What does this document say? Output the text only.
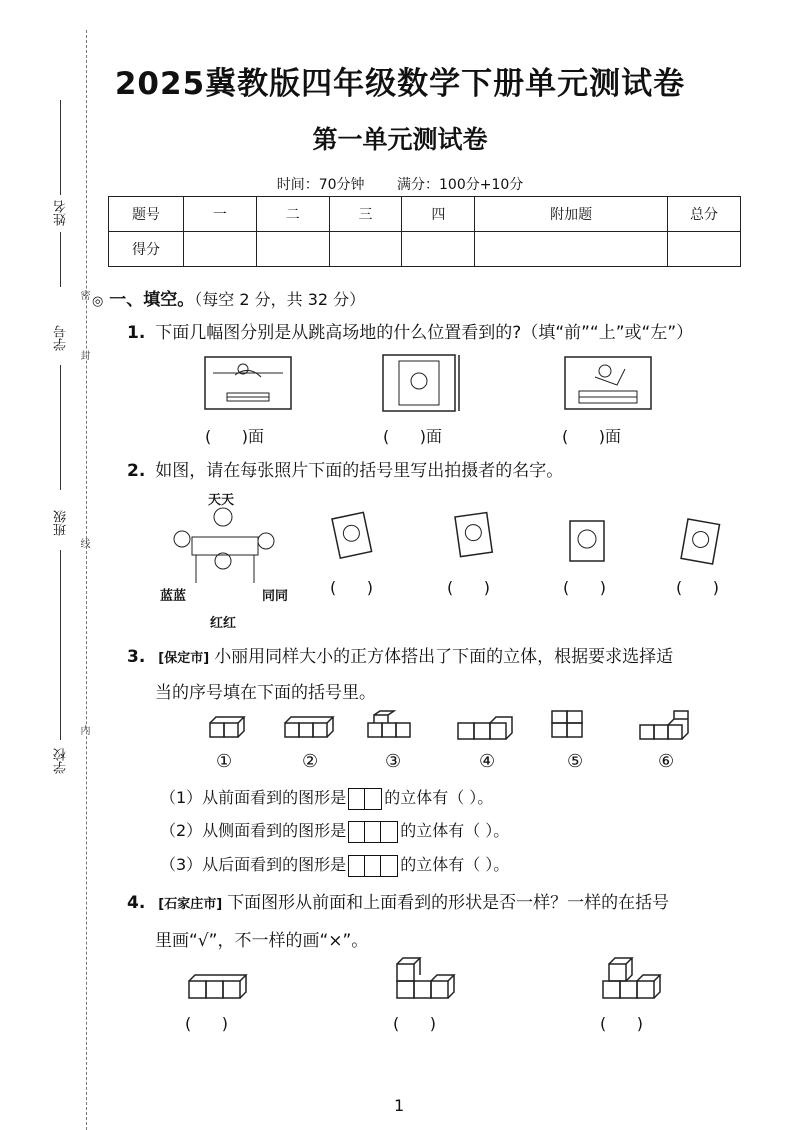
2025冀教版四年级数学下册单元测试卷
第一单元测试卷
时间：70分钟 满分：100分+10分
题号	一	二	三	四	附加题	总分
得分						
姓名
学号
班级
学校
密
封
线
内
◎ 一、填空。（每空 2 分，共 32 分）
1. 下面几幅图分别是从跳高场地的什么位置看到的?（填“前”“上”或“左”）
(      )面	(      )面	(      )面
2. 如图，请在每张照片下面的括号里写出拍摄者的名字。
天天
蓝蓝	同同
红红
(      )	(      )	(      )	(      )
3. [保定市] 小丽用同样大小的正方体搭出了下面的立体，根据要求选择适
当的序号填在下面的括号里。
①	②	③	④	⑤	⑥
（1）从前面看到的图形是 的立体有（ ）。
（2）从侧面看到的图形是	的立体有（ ）。
（3）从后面看到的图形是	的立体有（ ）。
4. [石家庄市] 下面图形从前面和上面看到的形状是否一样？一样的在括号
里画“√”，不一样的画“×”。
(      )	(      )	(      )
1
